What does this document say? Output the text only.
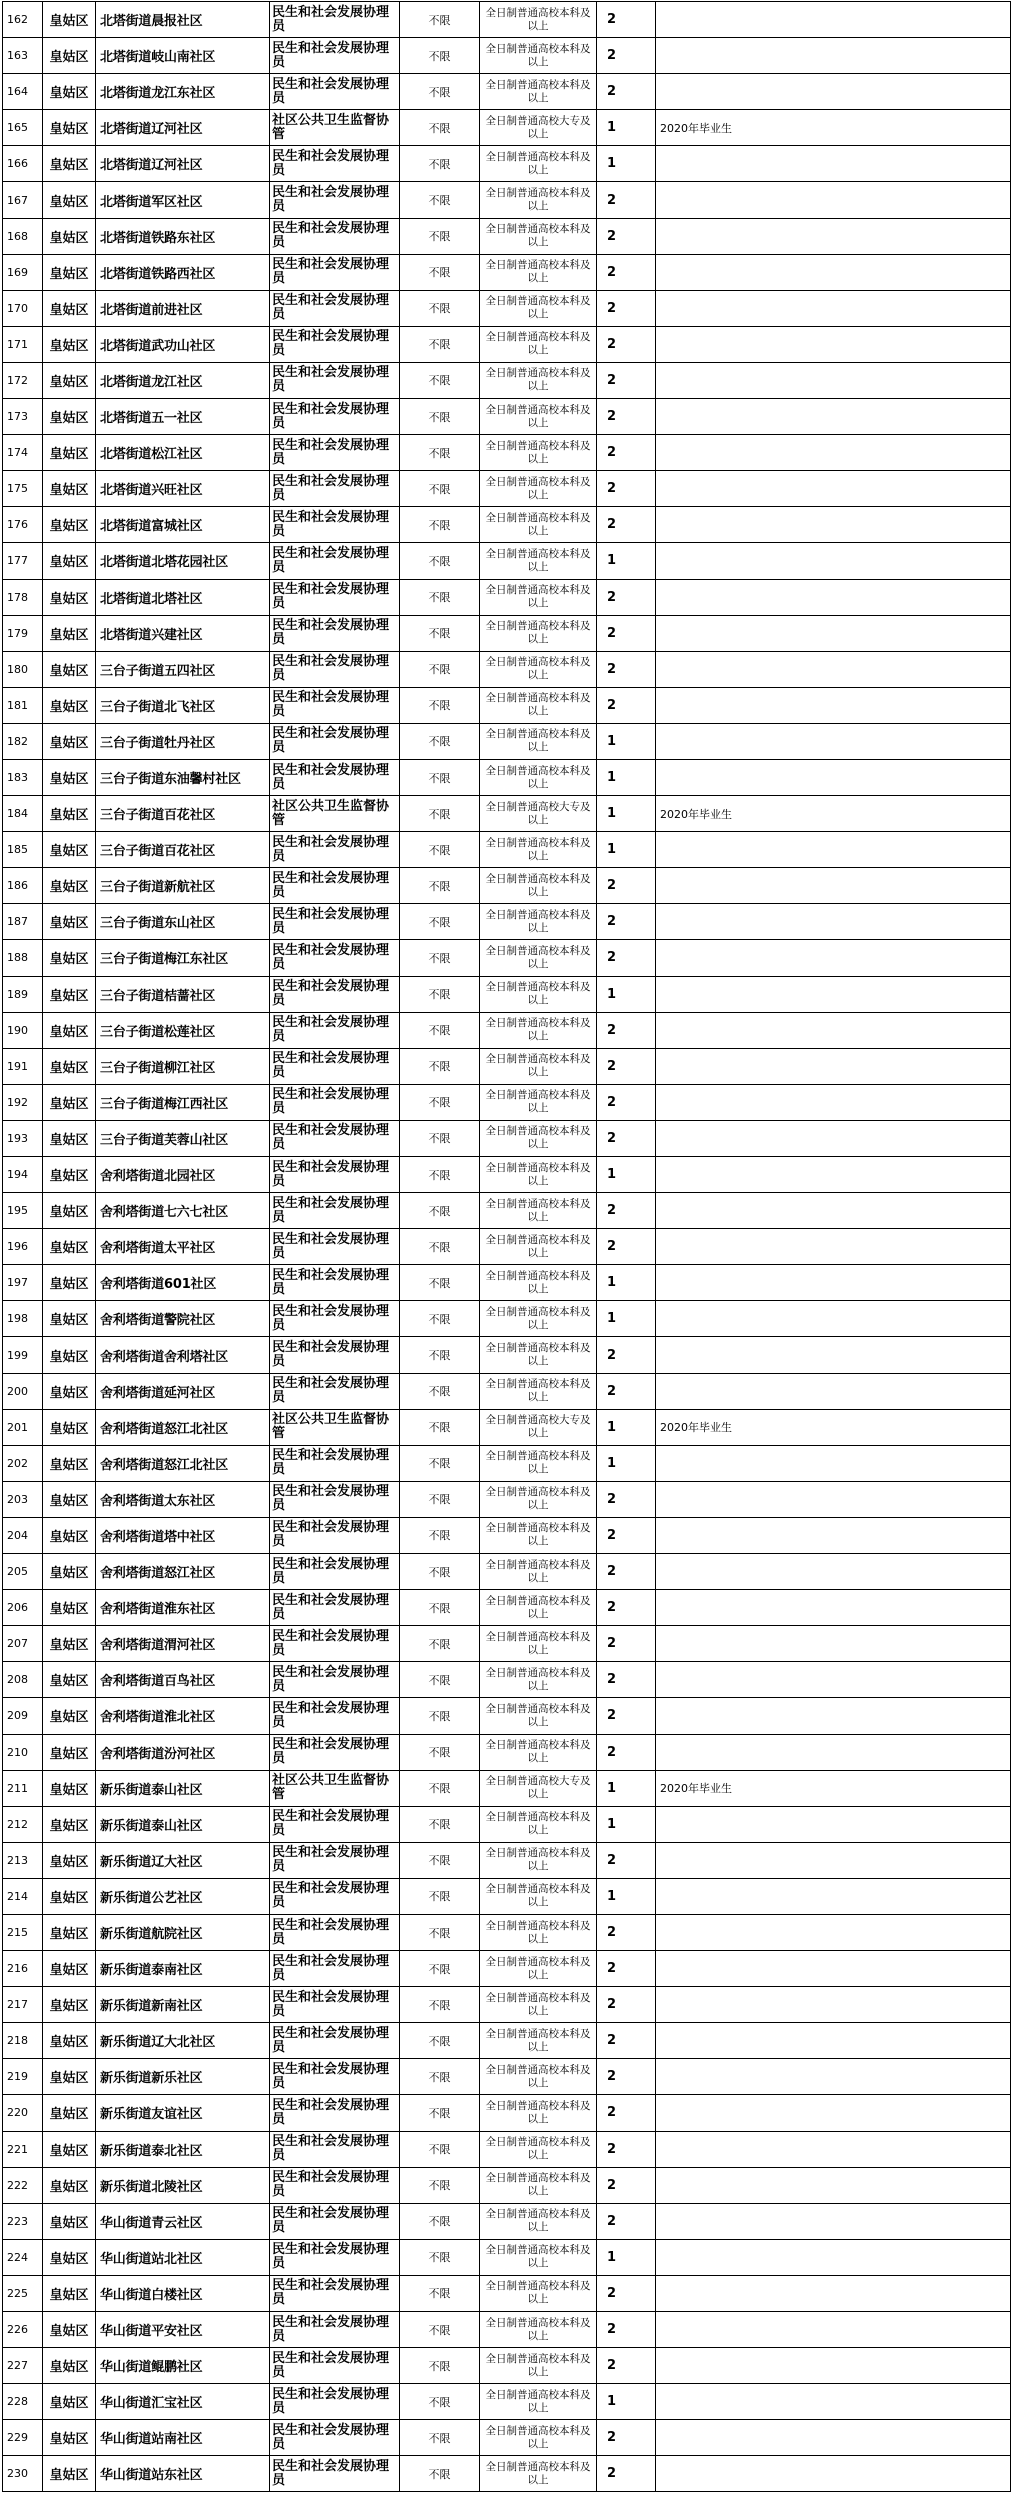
162	皇姑区	北塔街道晨报社区	民生和社会发展协理员	不限	全日制普通高校本科及以上	2	
163	皇姑区	北塔街道岐山南社区	民生和社会发展协理员	不限	全日制普通高校本科及以上	2	
164	皇姑区	北塔街道龙江东社区	民生和社会发展协理员	不限	全日制普通高校本科及以上	2	
165	皇姑区	北塔街道辽河社区	社区公共卫生监督协管	不限	全日制普通高校大专及以上	1	2020年毕业生
166	皇姑区	北塔街道辽河社区	民生和社会发展协理员	不限	全日制普通高校本科及以上	1	
167	皇姑区	北塔街道军区社区	民生和社会发展协理员	不限	全日制普通高校本科及以上	2	
168	皇姑区	北塔街道铁路东社区	民生和社会发展协理员	不限	全日制普通高校本科及以上	2	
169	皇姑区	北塔街道铁路西社区	民生和社会发展协理员	不限	全日制普通高校本科及以上	2	
170	皇姑区	北塔街道前进社区	民生和社会发展协理员	不限	全日制普通高校本科及以上	2	
171	皇姑区	北塔街道武功山社区	民生和社会发展协理员	不限	全日制普通高校本科及以上	2	
172	皇姑区	北塔街道龙江社区	民生和社会发展协理员	不限	全日制普通高校本科及以上	2	
173	皇姑区	北塔街道五一社区	民生和社会发展协理员	不限	全日制普通高校本科及以上	2	
174	皇姑区	北塔街道松江社区	民生和社会发展协理员	不限	全日制普通高校本科及以上	2	
175	皇姑区	北塔街道兴旺社区	民生和社会发展协理员	不限	全日制普通高校本科及以上	2	
176	皇姑区	北塔街道富城社区	民生和社会发展协理员	不限	全日制普通高校本科及以上	2	
177	皇姑区	北塔街道北塔花园社区	民生和社会发展协理员	不限	全日制普通高校本科及以上	1	
178	皇姑区	北塔街道北塔社区	民生和社会发展协理员	不限	全日制普通高校本科及以上	2	
179	皇姑区	北塔街道兴建社区	民生和社会发展协理员	不限	全日制普通高校本科及以上	2	
180	皇姑区	三台子街道五四社区	民生和社会发展协理员	不限	全日制普通高校本科及以上	2	
181	皇姑区	三台子街道北飞社区	民生和社会发展协理员	不限	全日制普通高校本科及以上	2	
182	皇姑区	三台子街道牡丹社区	民生和社会发展协理员	不限	全日制普通高校本科及以上	1	
183	皇姑区	三台子街道东油馨村社区	民生和社会发展协理员	不限	全日制普通高校本科及以上	1	
184	皇姑区	三台子街道百花社区	社区公共卫生监督协管	不限	全日制普通高校大专及以上	1	2020年毕业生
185	皇姑区	三台子街道百花社区	民生和社会发展协理员	不限	全日制普通高校本科及以上	1	
186	皇姑区	三台子街道新航社区	民生和社会发展协理员	不限	全日制普通高校本科及以上	2	
187	皇姑区	三台子街道东山社区	民生和社会发展协理员	不限	全日制普通高校本科及以上	2	
188	皇姑区	三台子街道梅江东社区	民生和社会发展协理员	不限	全日制普通高校本科及以上	2	
189	皇姑区	三台子街道桔蔷社区	民生和社会发展协理员	不限	全日制普通高校本科及以上	1	
190	皇姑区	三台子街道松莲社区	民生和社会发展协理员	不限	全日制普通高校本科及以上	2	
191	皇姑区	三台子街道柳江社区	民生和社会发展协理员	不限	全日制普通高校本科及以上	2	
192	皇姑区	三台子街道梅江西社区	民生和社会发展协理员	不限	全日制普通高校本科及以上	2	
193	皇姑区	三台子街道芙蓉山社区	民生和社会发展协理员	不限	全日制普通高校本科及以上	2	
194	皇姑区	舍利塔街道北园社区	民生和社会发展协理员	不限	全日制普通高校本科及以上	1	
195	皇姑区	舍利塔街道七六七社区	民生和社会发展协理员	不限	全日制普通高校本科及以上	2	
196	皇姑区	舍利塔街道太平社区	民生和社会发展协理员	不限	全日制普通高校本科及以上	2	
197	皇姑区	舍利塔街道601社区	民生和社会发展协理员	不限	全日制普通高校本科及以上	1	
198	皇姑区	舍利塔街道警院社区	民生和社会发展协理员	不限	全日制普通高校本科及以上	1	
199	皇姑区	舍利塔街道舍利塔社区	民生和社会发展协理员	不限	全日制普通高校本科及以上	2	
200	皇姑区	舍利塔街道延河社区	民生和社会发展协理员	不限	全日制普通高校本科及以上	2	
201	皇姑区	舍利塔街道怒江北社区	社区公共卫生监督协管	不限	全日制普通高校大专及以上	1	2020年毕业生
202	皇姑区	舍利塔街道怒江北社区	民生和社会发展协理员	不限	全日制普通高校本科及以上	1	
203	皇姑区	舍利塔街道太东社区	民生和社会发展协理员	不限	全日制普通高校本科及以上	2	
204	皇姑区	舍利塔街道塔中社区	民生和社会发展协理员	不限	全日制普通高校本科及以上	2	
205	皇姑区	舍利塔街道怒江社区	民生和社会发展协理员	不限	全日制普通高校本科及以上	2	
206	皇姑区	舍利塔街道淮东社区	民生和社会发展协理员	不限	全日制普通高校本科及以上	2	
207	皇姑区	舍利塔街道渭河社区	民生和社会发展协理员	不限	全日制普通高校本科及以上	2	
208	皇姑区	舍利塔街道百鸟社区	民生和社会发展协理员	不限	全日制普通高校本科及以上	2	
209	皇姑区	舍利塔街道淮北社区	民生和社会发展协理员	不限	全日制普通高校本科及以上	2	
210	皇姑区	舍利塔街道汾河社区	民生和社会发展协理员	不限	全日制普通高校本科及以上	2	
211	皇姑区	新乐街道泰山社区	社区公共卫生监督协管	不限	全日制普通高校大专及以上	1	2020年毕业生
212	皇姑区	新乐街道泰山社区	民生和社会发展协理员	不限	全日制普通高校本科及以上	1	
213	皇姑区	新乐街道辽大社区	民生和社会发展协理员	不限	全日制普通高校本科及以上	2	
214	皇姑区	新乐街道公艺社区	民生和社会发展协理员	不限	全日制普通高校本科及以上	1	
215	皇姑区	新乐街道航院社区	民生和社会发展协理员	不限	全日制普通高校本科及以上	2	
216	皇姑区	新乐街道泰南社区	民生和社会发展协理员	不限	全日制普通高校本科及以上	2	
217	皇姑区	新乐街道新南社区	民生和社会发展协理员	不限	全日制普通高校本科及以上	2	
218	皇姑区	新乐街道辽大北社区	民生和社会发展协理员	不限	全日制普通高校本科及以上	2	
219	皇姑区	新乐街道新乐社区	民生和社会发展协理员	不限	全日制普通高校本科及以上	2	
220	皇姑区	新乐街道友谊社区	民生和社会发展协理员	不限	全日制普通高校本科及以上	2	
221	皇姑区	新乐街道泰北社区	民生和社会发展协理员	不限	全日制普通高校本科及以上	2	
222	皇姑区	新乐街道北陵社区	民生和社会发展协理员	不限	全日制普通高校本科及以上	2	
223	皇姑区	华山街道青云社区	民生和社会发展协理员	不限	全日制普通高校本科及以上	2	
224	皇姑区	华山街道站北社区	民生和社会发展协理员	不限	全日制普通高校本科及以上	1	
225	皇姑区	华山街道白楼社区	民生和社会发展协理员	不限	全日制普通高校本科及以上	2	
226	皇姑区	华山街道平安社区	民生和社会发展协理员	不限	全日制普通高校本科及以上	2	
227	皇姑区	华山街道鲲鹏社区	民生和社会发展协理员	不限	全日制普通高校本科及以上	2	
228	皇姑区	华山街道汇宝社区	民生和社会发展协理员	不限	全日制普通高校本科及以上	1	
229	皇姑区	华山街道站南社区	民生和社会发展协理员	不限	全日制普通高校本科及以上	2	
230	皇姑区	华山街道站东社区	民生和社会发展协理员	不限	全日制普通高校本科及以上	2	
